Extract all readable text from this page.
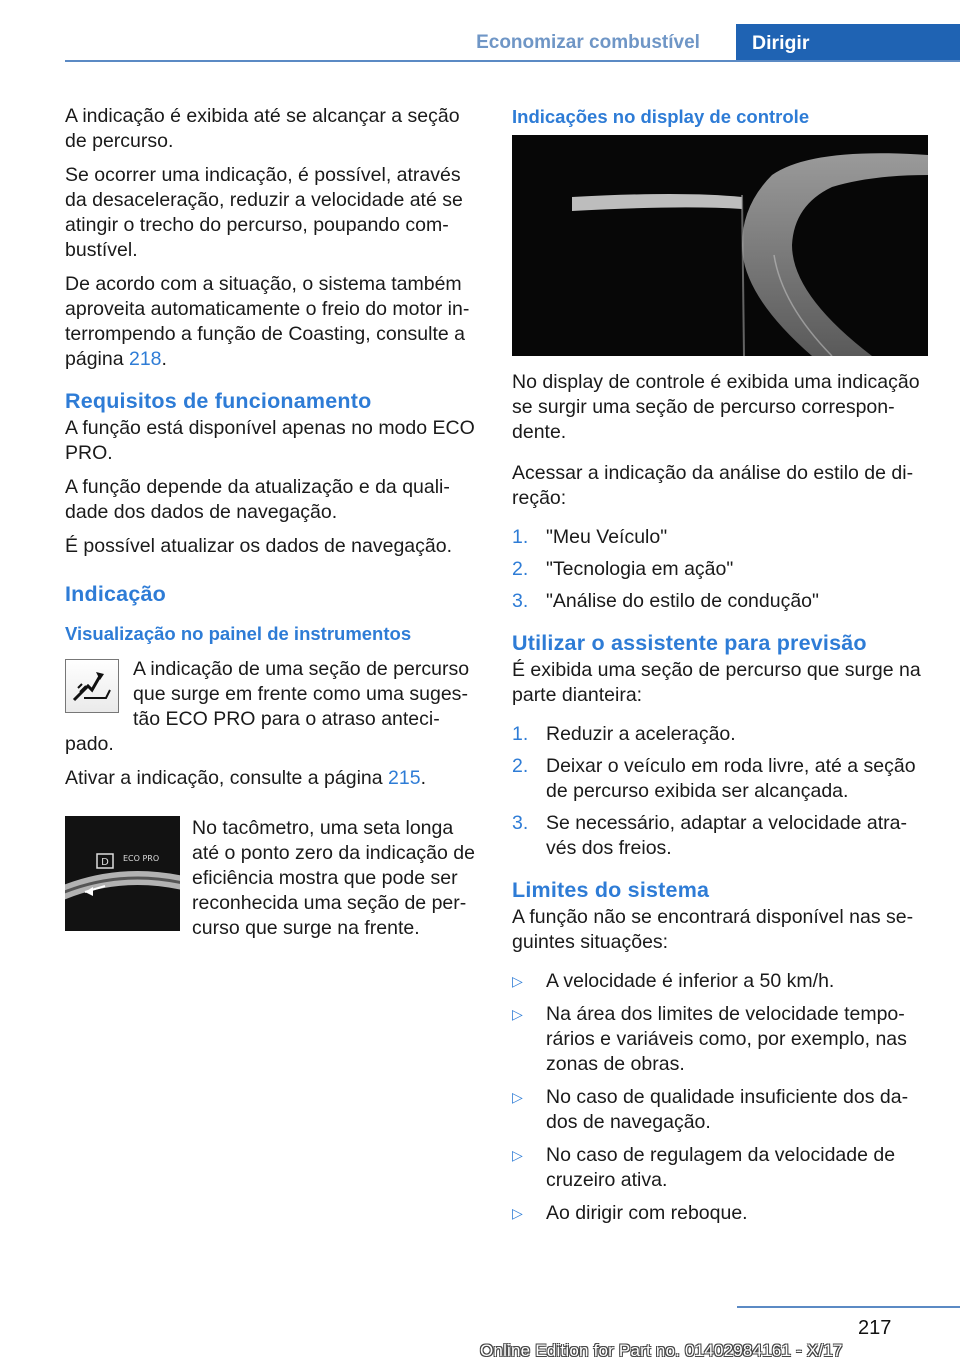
Economizar combustível	Dirigir

A indicação é exibida até se alcançar a seção de percurso.

Se ocorrer uma indicação, é possível, através da desaceleração, reduzir a velocidade até se atingir o trecho do percurso, poupando combustível.

De acordo com a situação, o sistema também aproveita automaticamente o freio do motor interrompendo a função de Coasting, consulte a página 218.

Requisitos de funcionamento

A função está disponível apenas no modo ECO PRO.

A função depende da atualização e da qualidade dos dados de navegação.

É possível atualizar os dados de navegação.

Indicação
Visualização no painel de instrumentos

A indicação de uma seção de percurso que surge em frente como uma sugestão ECO PRO para o atraso antecipado.

Ativar a indicação, consulte a página 215.

D ECO PRO

No tacômetro, uma seta longa até o ponto zero da indicação de eficiência mostra que pode ser reconhecida uma seção de percurso que surge na frente.

Indicações no display de controle

No display de controle é exibida uma indicação se surgir uma seção de percurso correspondente.

Acessar a indicação da análise do estilo de direção:

1. "Meu Veículo"
2. "Tecnologia em ação"
3. "Análise do estilo de condução"
Utilizar o assistente para previsão

É exibida uma seção de percurso que surge na parte dianteira:

1. Reduzir a aceleração.
2. Deixar o veículo em roda livre, até a seção de percurso exibida ser alcançada.
3. Se necessário, adaptar a velocidade através dos freios.
Limites do sistema

A função não se encontrará disponível nas seguintes situações:

▷ A velocidade é inferior a 50 km/h.
▷ Na área dos limites de velocidade temporários e variáveis como, por exemplo, nas zonas de obras.
▷ No caso de qualidade insuficiente dos dados de navegação.
▷ No caso de regulagem da velocidade de cruzeiro ativa.
▷ Ao dirigir com reboque.
217
Online Edition for Part no. 01402984161 - X/17
